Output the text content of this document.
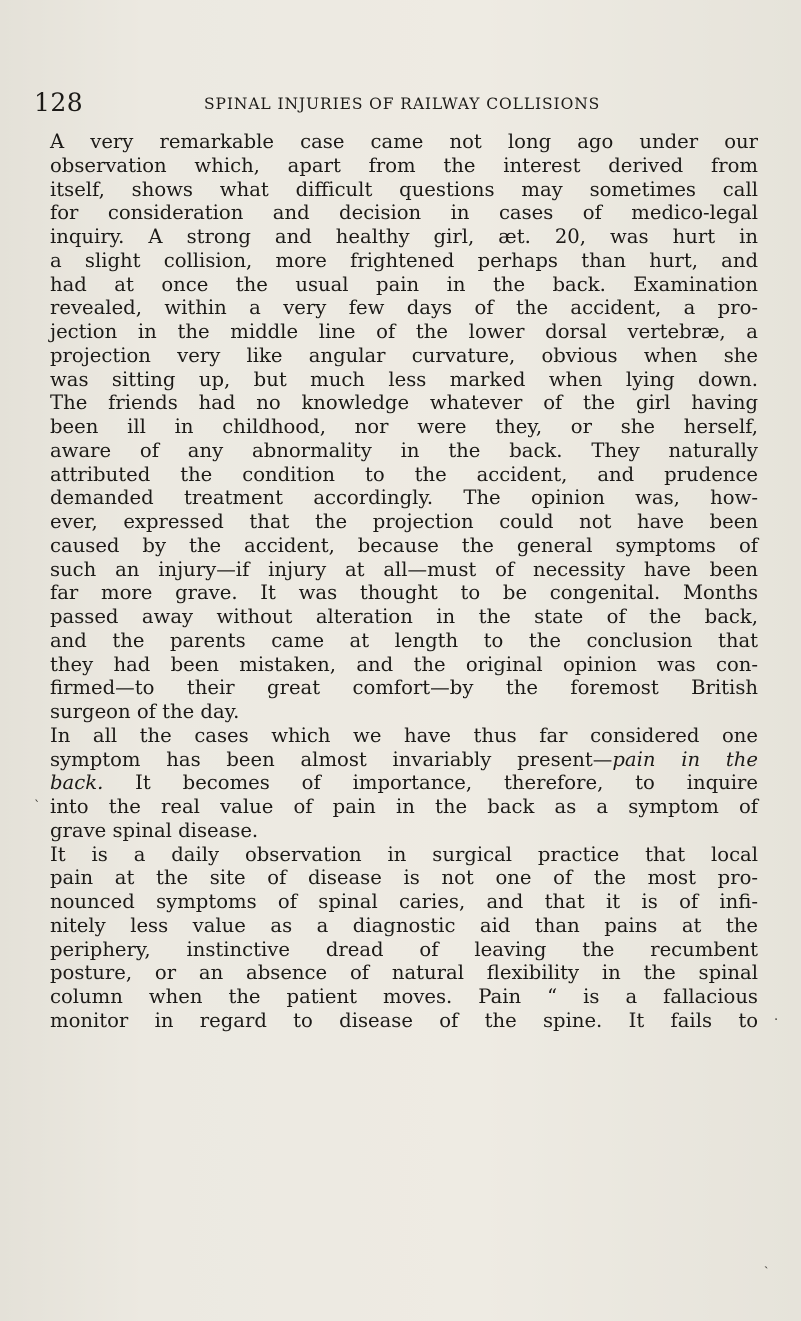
128	SPINAL INJURIES OF RAILWAY COLLISIONS
A very remarkable case came not long ago under our
observation which, apart from the interest derived from
itself, shows what difficult questions may sometimes call
for consideration and decision in cases of medico-legal
inquiry. A strong and healthy girl, æt. 20, was hurt in
a slight collision, more frightened perhaps than hurt, and
had at once the usual pain in the back. Examination
revealed, within a very few days of the accident, a pro-
jection in the middle line of the lower dorsal vertebræ, a
projection very like angular curvature, obvious when she
was sitting up, but much less marked when lying down.
The friends had no knowledge whatever of the girl having
been ill in childhood, nor were they, or she herself,
aware of any abnormality in the back. They naturally
attributed the condition to the accident, and prudence
demanded treatment accordingly. The opinion was, how-
ever, expressed that the projection could not have been
caused by the accident, because the general symptoms of
such an injury—if injury at all—must of necessity have been
far more grave. It was thought to be congenital. Months
passed away without alteration in the state of the back,
and the parents came at length to the conclusion that
they had been mistaken, and the original opinion was con-
firmed—to their great comfort—by the foremost British
surgeon of the day.
In all the cases which we have thus far considered one
symptom has been almost invariably present—pain in the
back. It becomes of importance, therefore, to inquire
into the real value of pain in the back as a symptom of
grave spinal disease.
It is a daily observation in surgical practice that local
pain at the site of disease is not one of the most pro-
nounced symptoms of spinal caries, and that it is of infi-
nitely less value as a diagnostic aid than pains at the
periphery, instinctive dread of leaving the recumbent
posture, or an absence of natural flexibility in the spinal
column when the patient moves. Pain “ is a fallacious
monitor in regard to disease of the spine. It fails to
ˋ
.
ˏ
